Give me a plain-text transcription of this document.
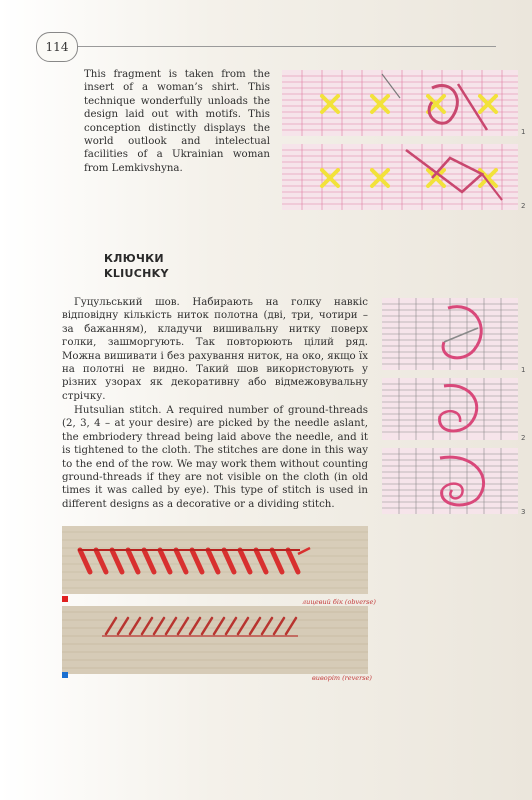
114
This fragment is taken from the insert of a woman’s shirt. This technique wonderfully unloads the design laid out with motifs. This conception distinctly displays the world outlook and intelectual facilities of a Ukrainian woman from Lemkivshyna.
1
2
КЛЮЧКИ
KLIUCHKY
Гуцульський шов. Набирають на голку навкіс відповідну кількість ниток полотна (дві, три, чотири – за бажанням), кладучи вишивальну нитку поверх голки, зашморгують. Так повторюють цілий ряд. Можна вишивати і без рахування ниток, на око, якщо їх на полотні не видно. Такий шов використовують у різних узорах як декоративну або відмежовувальну стрічку.
Hutsulian stitch. A required number of ground-threads (2, 3, 4 – at your desire) are picked by the needle aslant, the embriodery thread being laid above the needle, and it is tightened to the cloth. The stitches are done in this way to the end of the row. We may work them without counting ground-threads if they are not visible on the cloth (in old times it was called by eye). This type of stitch is used in different designs as a decorative or a dividing stitch.
1
2
3
лицевий бік (obverse)
виворіт (reverse)
